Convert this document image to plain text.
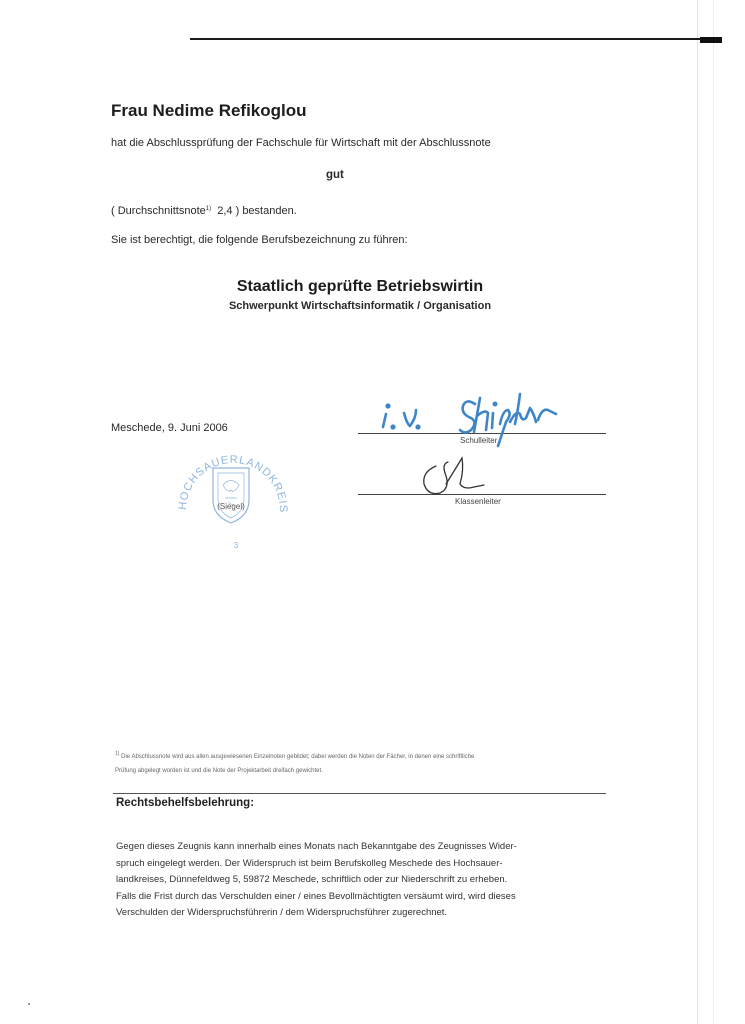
Frau Nedime Refikoglou
hat die Abschlussprüfung der Fachschule für Wirtschaft mit der Abschlussnote
gut
( Durchschnittsnote$^{1)}$ 2,4 ) bestanden.
Sie ist berechtigt, die folgende Berufsbezeichnung zu führen:
Staatlich geprüfte Betriebswirtin
Schwerpunkt Wirtschaftsinformatik / Organisation
Meschede, 9. Juni 2006
Schulleiter
Klassenleiter
HOCHSAUERLANDKREIS
(Siegel)
3
$^{1)}$ Die Abschlussnote wird aus allen ausgewiesenen Einzelnoten gebildet; dabei werden die Noten der Fächer, in denen eine schriftliche
Prüfung abgelegt worden ist und die Note der Projektarbeit dreifach gewichtet.
Rechtsbehelfsbelehrung:
Gegen dieses Zeugnis kann innerhalb eines Monats nach Bekanntgabe des Zeugnisses Wider-
spruch eingelegt werden. Der Widerspruch ist beim Berufskolleg Meschede des Hochsauer-
landkreises, Dünnefeldweg 5, 59872 Meschede, schriftlich oder zur Niederschrift zu erheben.
Falls die Frist durch das Verschulden einer / eines Bevollmächtigten versäumt wird, wird dieses
Verschulden der Widerspruchsführerin / dem Widerspruchsführer zugerechnet.
